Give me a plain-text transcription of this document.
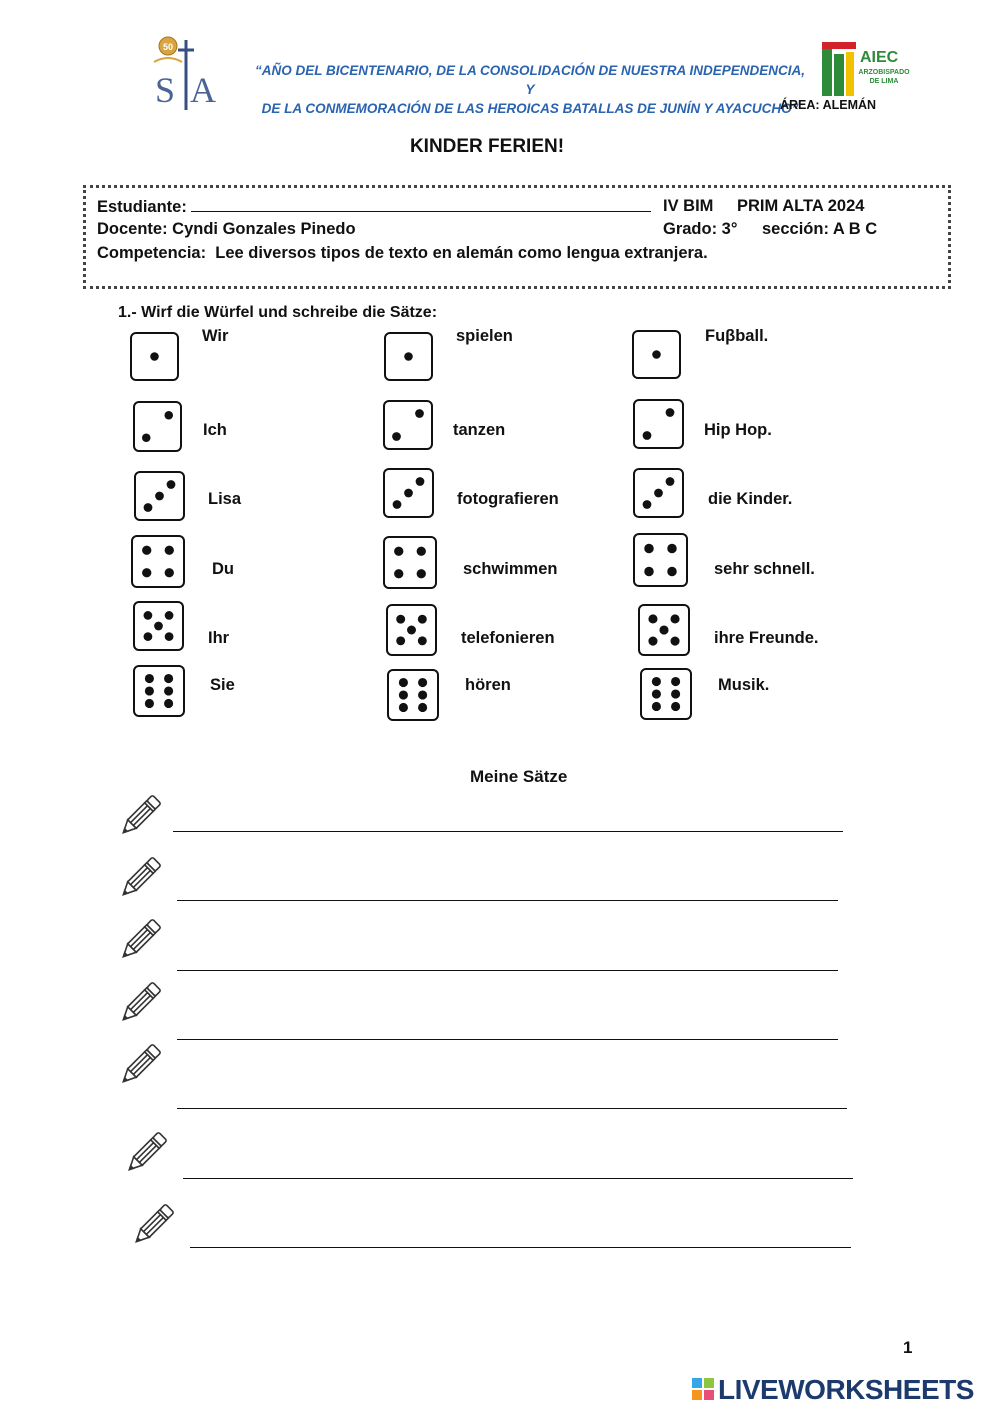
50
S A	“AÑO DEL BICENTENARIO, DE LA CONSOLIDACIÓN DE NUESTRA INDEPENDENCIA, Y
DE LA CONMEMORACIÓN DE LAS HEROICAS BATALLAS DE JUNÍN Y AYACUCHO”
AIEC
ARZOBISPADO
DE LIMA
ÁREA: ALEMÁN
KINDER FERIEN!
Estudiante:	IV BIM PRIM ALTA 2024
Docente: Cyndi Gonzales Pinedo	Grado: 3° sección: A B C
Competencia: Lee diversos tipos de texto en alemán como lengua extranjera.
1.- Wirf die Würfel und schreibe die Sätze:
Wir	spielen	Fuβball.
Ich	tanzen	Hip Hop.
Lisa	fotografieren	die Kinder.
Du	schwimmen	sehr schnell.
Ihr	telefonieren	ihre Freunde.
Sie	hören	Musik.
Meine Sätze
1
LIVEWORKSHEETS
